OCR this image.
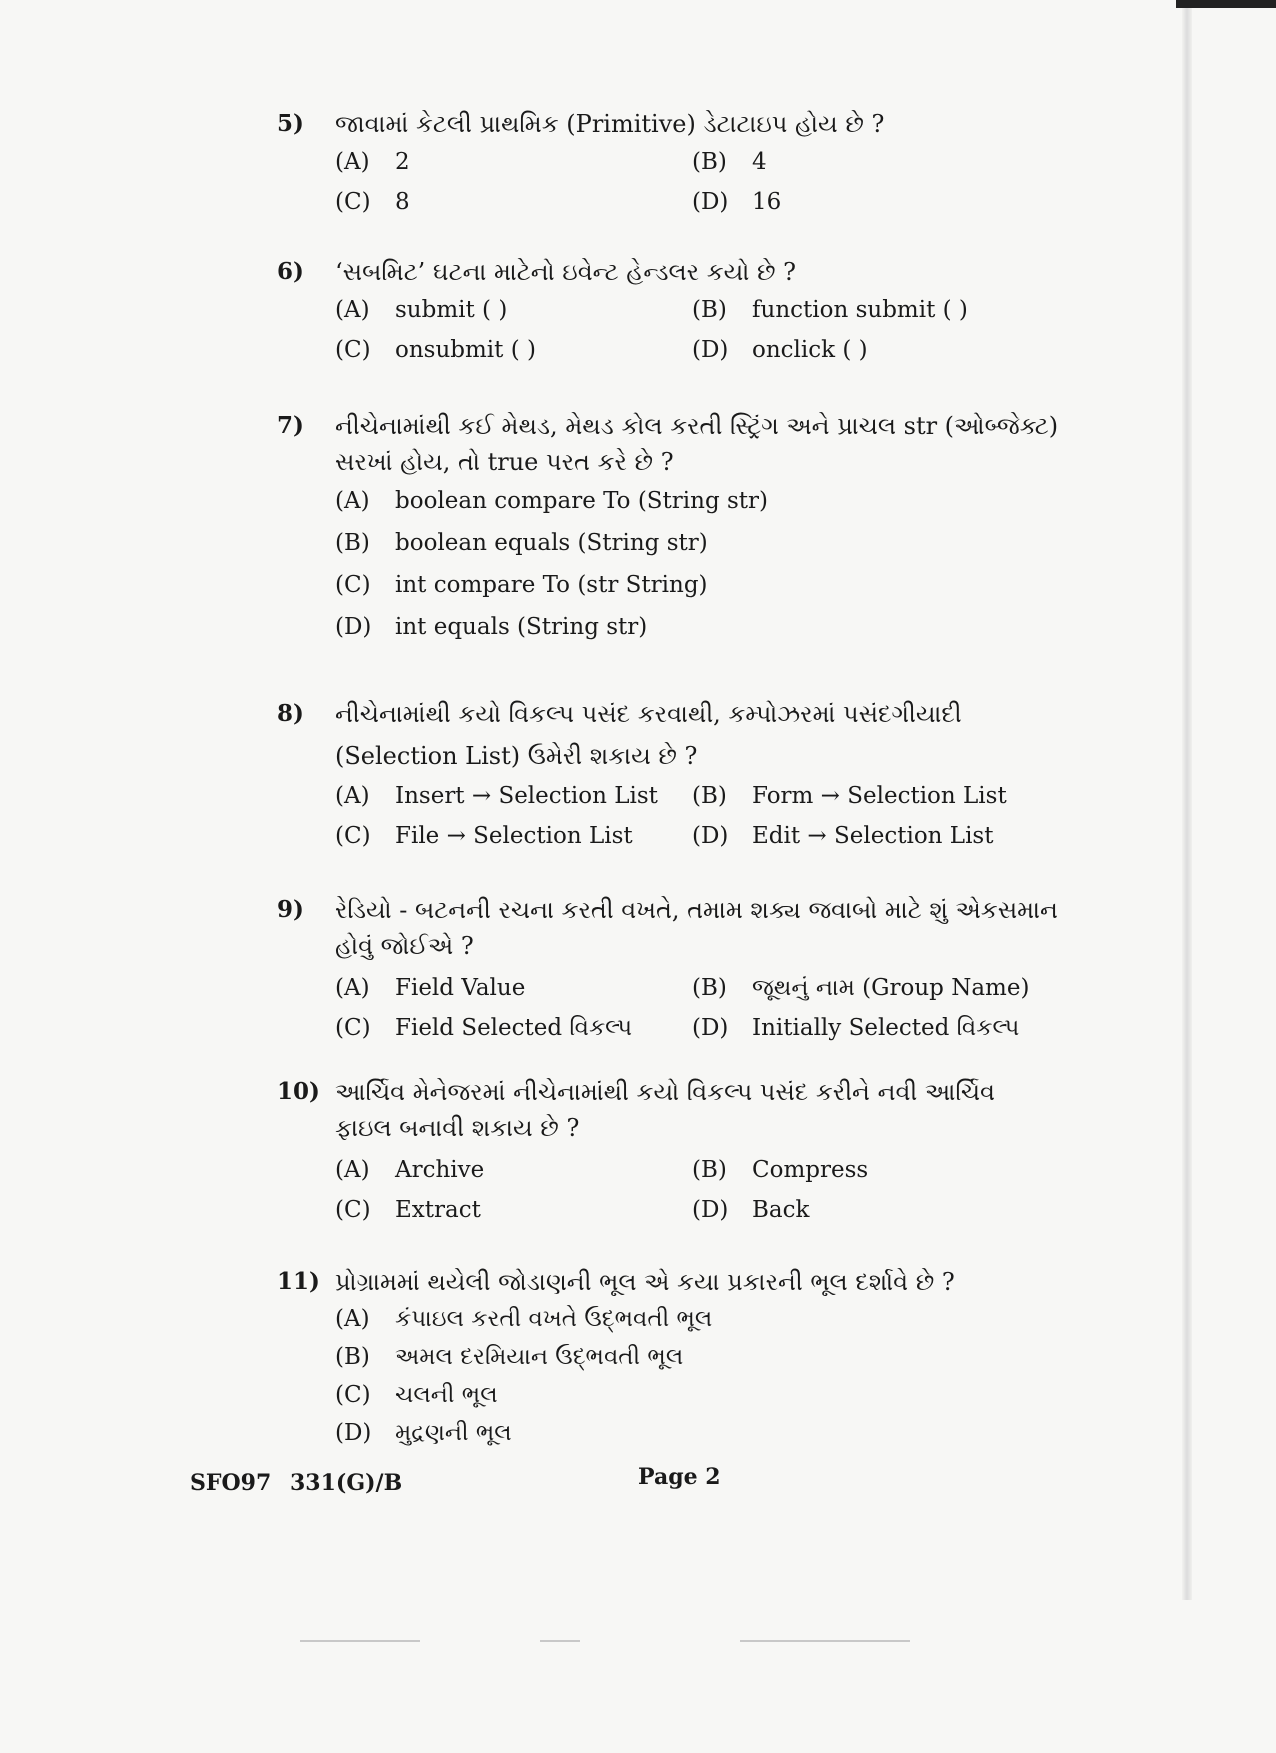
5) જાવામાં કેટલી પ્રાથમિક (Primitive) ડેટાટાઇપ હોય છે ?
(A) 2	(B) 4
(C) 8	(D) 16
6) ‘સબમિટ’ ઘટના માટેનો ઇવેન્ટ હેન્ડલર કયો છે ?
(A) submit ( )	(B) function submit ( )
(C) onsubmit ( )	(D) onclick ( )
7) નીચેનામાંથી કઈ મેથડ, મેથડ કોલ કરતી સ્ટ્રિંગ અને પ્રાચલ str (ઓબ્જેક્ટ)
સરખાં હોય, તો true પરત કરે છે ?
(A) boolean compare To (String str)
(B) boolean equals (String str)
(C) int compare To (str String)
(D) int equals (String str)
8) નીચેનામાંથી કયો વિકલ્પ પસંદ કરવાથી, કમ્પોઝરમાં પસંદગીયાદી
(Selection List) ઉમેરી શકાય છે ?
(A) Insert → Selection List	(B) Form → Selection List
(C) File → Selection List	(D) Edit → Selection List
9) રેડિયો - બટનની રચના કરતી વખતે, તમામ શક્ય જવાબો માટે શું એકસમાન
હોવું જોઈએ ?
(A) Field Value	(B) જૂથનું નામ (Group Name)
(C) Field Selected વિકલ્પ	(D) Initially Selected વિકલ્પ
10) આર્ચિવ મેનેજરમાં નીચેનામાંથી કયો વિકલ્પ પસંદ કરીને નવી આર્ચિવ
ફાઇલ બનાવી શકાય છે ?
(A) Archive	(B) Compress
(C) Extract	(D) Back
11) પ્રોગ્રામમાં થયેલી જોડાણની ભૂલ એ કયા પ્રકારની ભૂલ દર્શાવે છે ?
(A) કંપાઇલ કરતી વખતે ઉદ્‌ભવતી ભૂલ
(B) અમલ દરમિયાન ઉદ્‌ભવતી ભૂલ
(C) ચલની ભૂલ
(D) મુદ્રણની ભૂલ
SFO97 331(G)/B	Page 2
